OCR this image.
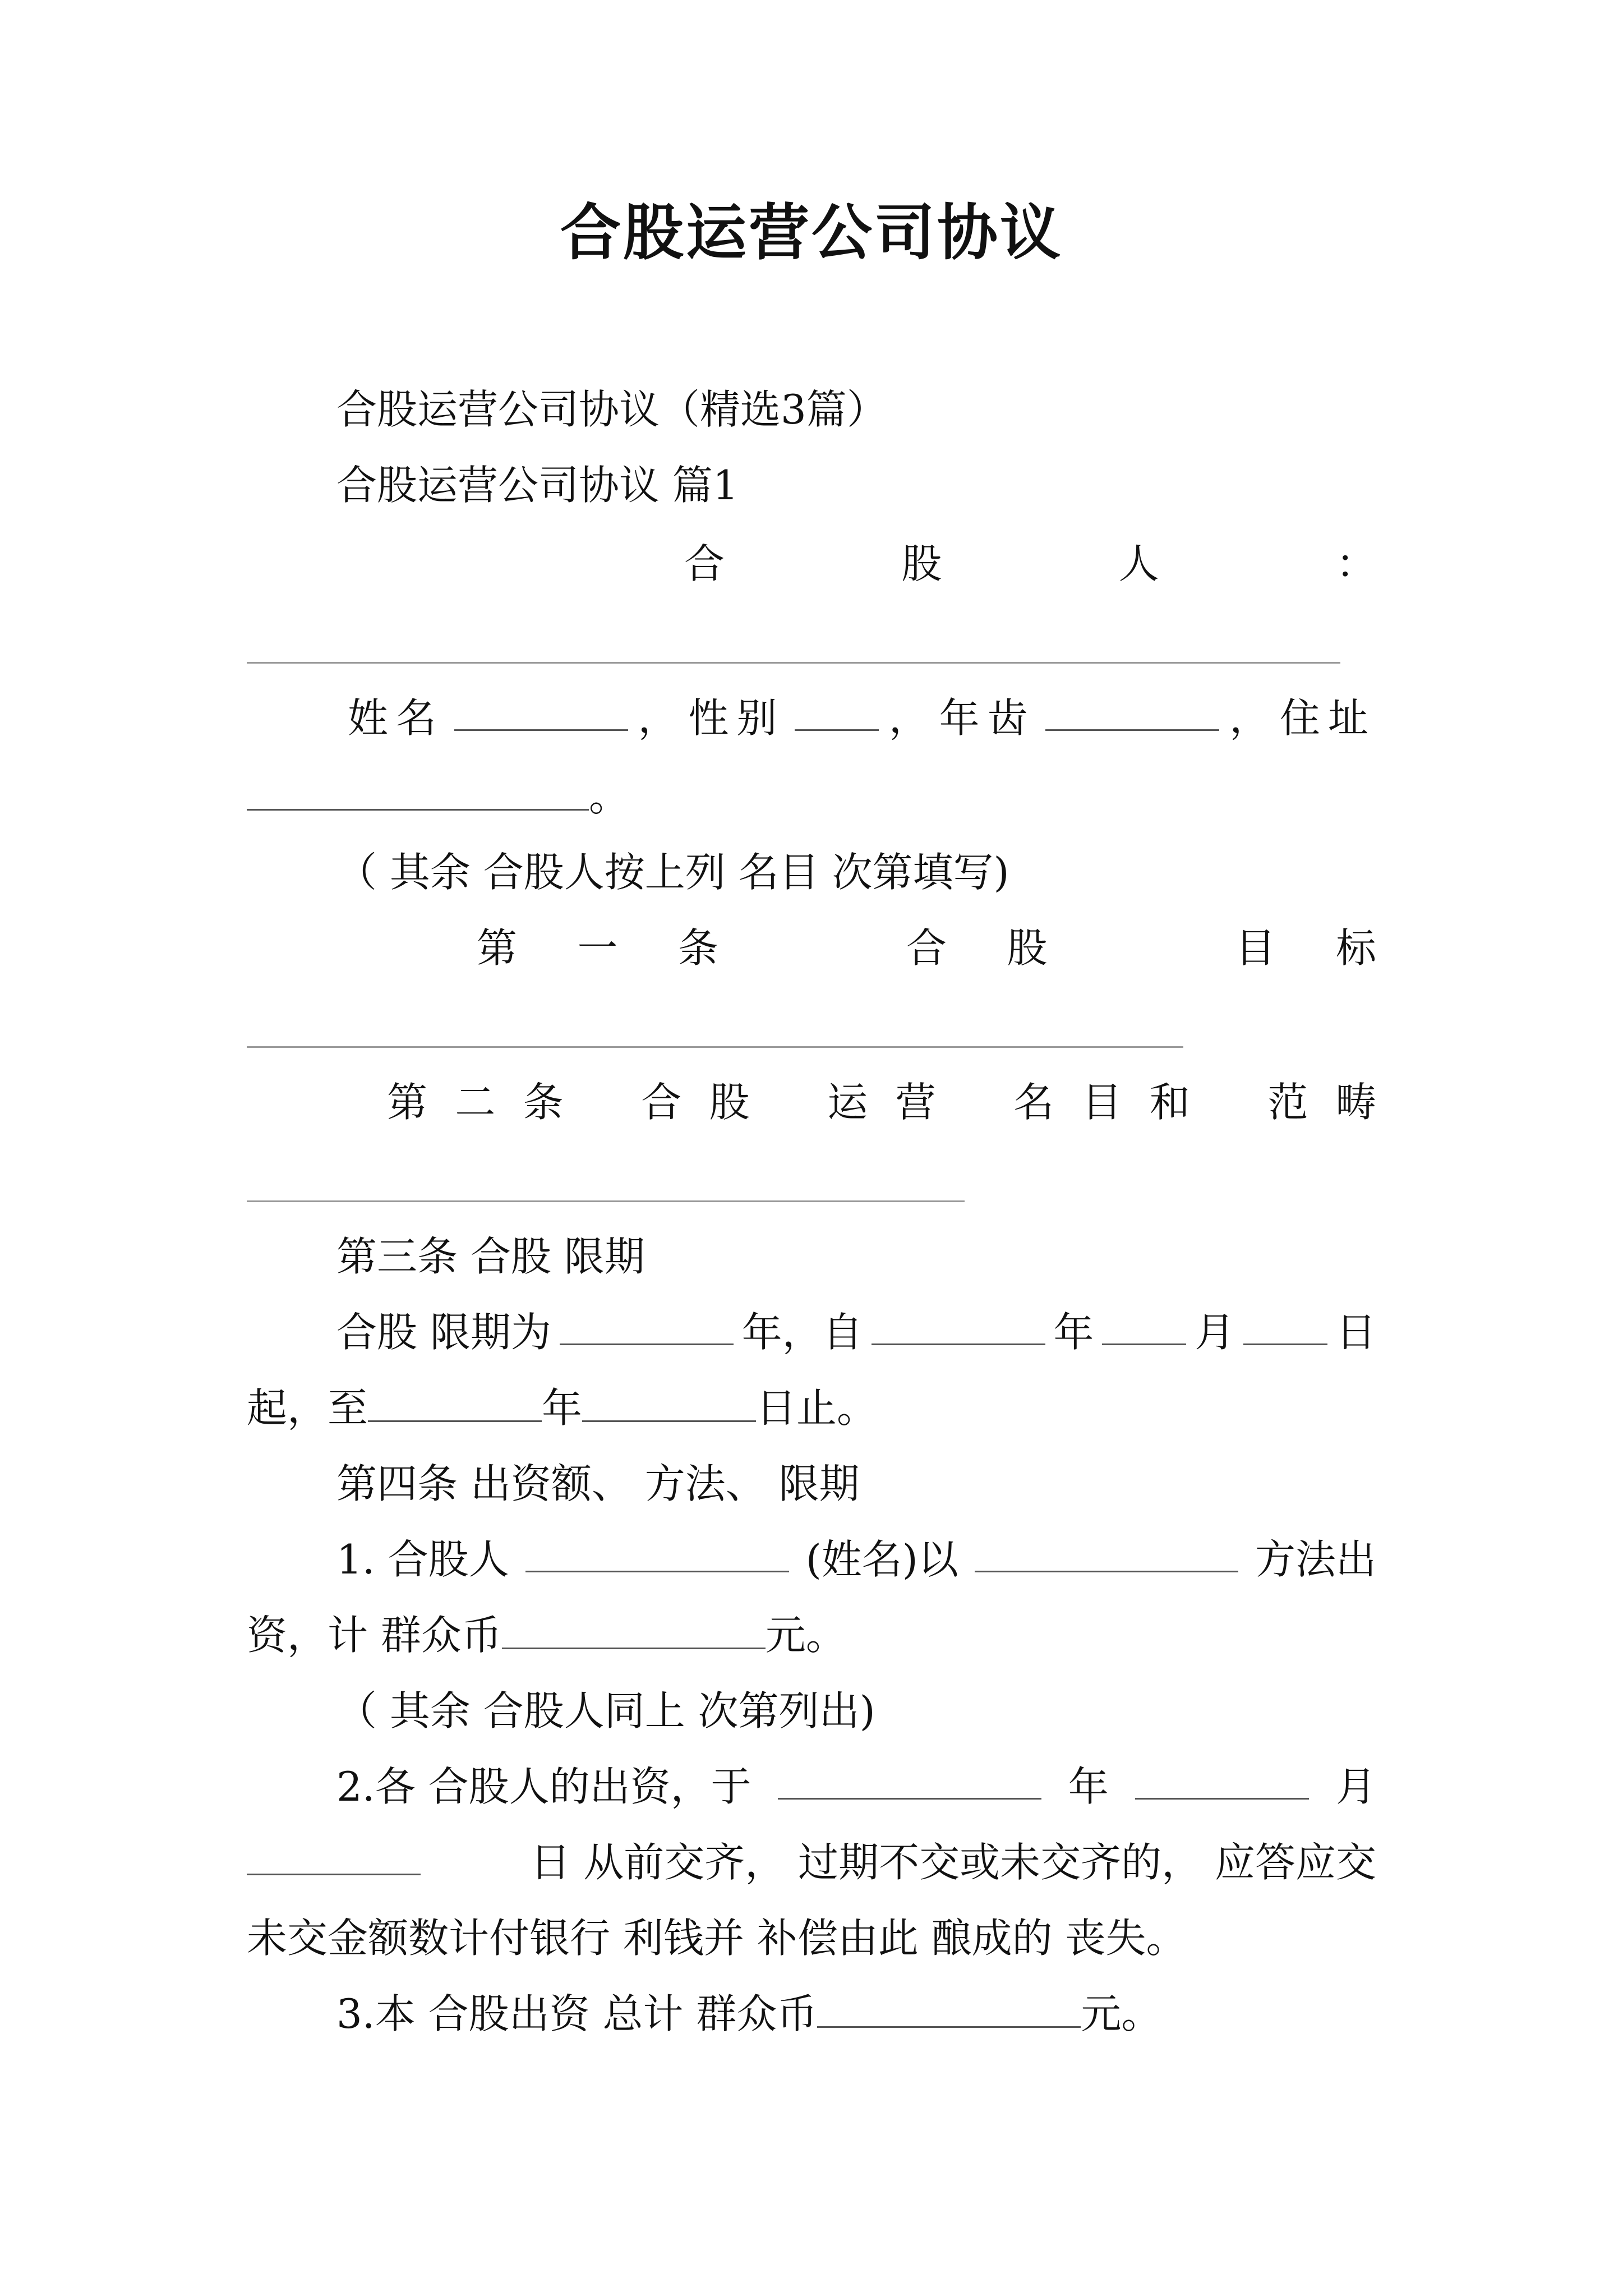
合股运营公司协议
合股运营公司协议（精选3篇）
合股运营公司协议 篇1
合	股	人	：
姓名	， 性别	， 年齿	， 住址
。
（ 其余 合股人按上列 名目 次第填写)
第 一 条	合 股	目 标
第 二 条 合 股 运 营 名 目 和 范 畴
第三条 合股 限期
合股 限期为	年，自	年 月 日
起，至	年	日止。
第四条 出资额、 方法、 限期
1. 合股人	(姓名)以	方法出
资，计 群众币	元。
（ 其余 合股人同上 次第列出)
2.各 合股人的出资，于	年	月
日 从前交齐， 过期不交或未交齐的， 应答应交
未交金额数计付银行 利钱并 补偿由此 酿成的 丧失。
3.本 合股出资 总计 群众币	元。
